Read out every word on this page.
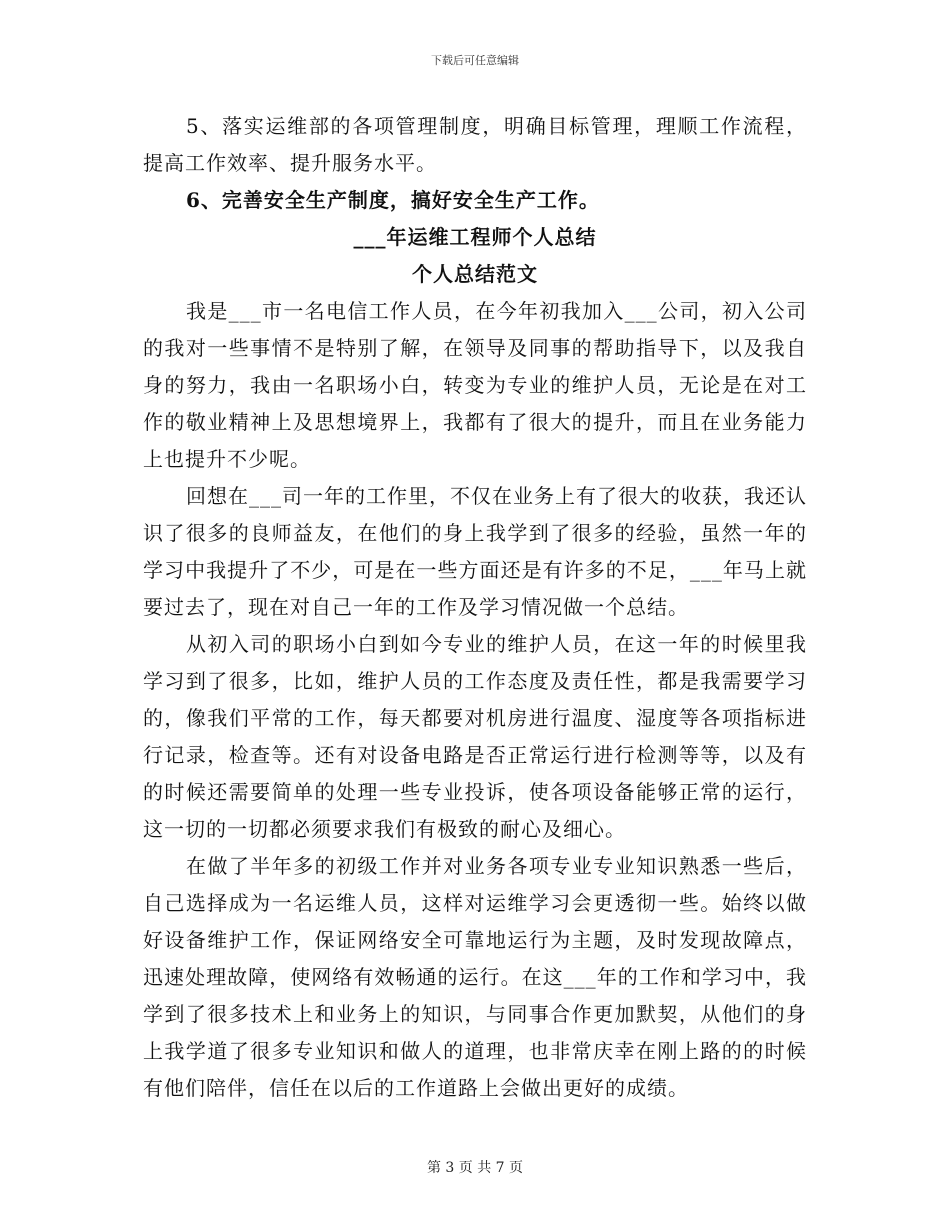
下载后可任意编辑

5、落实运维部的各项管理制度，明确目标管理，理顺工作流程，提高工作效率、提升服务水平。

6、完善安全生产制度，搞好安全生产工作。

___年运维工程师个人总结

个人总结范文

我是___市一名电信工作人员，在今年初我加入___公司，初入公司的我对一些事情不是特别了解，在领导及同事的帮助指导下，以及我自身的努力，我由一名职场小白，转变为专业的维护人员，无论是在对工作的敬业精神上及思想境界上，我都有了很大的提升，而且在业务能力上也提升不少呢。

回想在___司一年的工作里，不仅在业务上有了很大的收获，我还认识了很多的良师益友，在他们的身上我学到了很多的经验，虽然一年的学习中我提升了不少，可是在一些方面还是有许多的不足，___年马上就要过去了，现在对自己一年的工作及学习情况做一个总结。

从初入司的职场小白到如今专业的维护人员，在这一年的时候里我学习到了很多，比如，维护人员的工作态度及责任性，都是我需要学习的，像我们平常的工作，每天都要对机房进行温度、湿度等各项指标进行记录，检查等。还有对设备电路是否正常运行进行检测等等，以及有的时候还需要简单的处理一些专业投诉，使各项设备能够正常的运行，这一切的一切都必须要求我们有极致的耐心及细心。

在做了半年多的初级工作并对业务各项专业专业知识熟悉一些后，自己选择成为一名运维人员，这样对运维学习会更透彻一些。始终以做好设备维护工作，保证网络安全可靠地运行为主题，及时发现故障点，迅速处理故障，使网络有效畅通的运行。在这___年的工作和学习中，我学到了很多技术上和业务上的知识，与同事合作更加默契，从他们的身上我学道了很多专业知识和做人的道理，也非常庆幸在刚上路的的时候有他们陪伴，信任在以后的工作道路上会做出更好的成绩。

第 3 页 共 7 页
